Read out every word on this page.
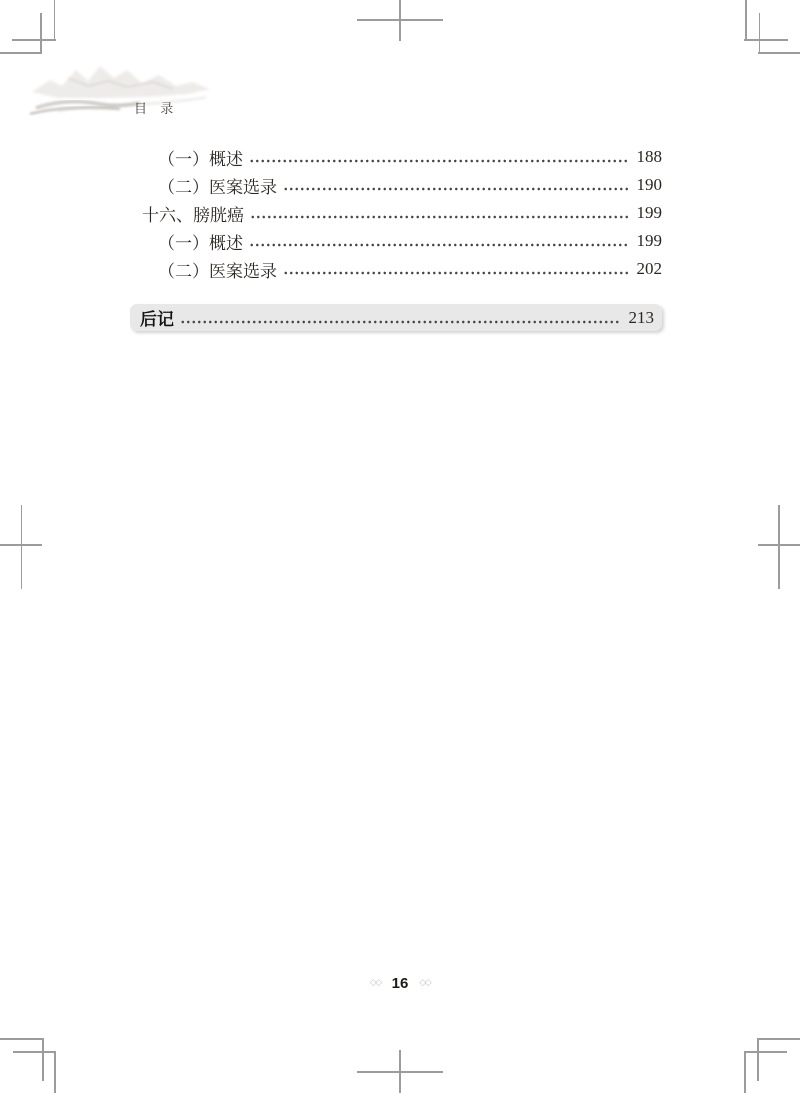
目 录
（一）概述	188
（二）医案选录	190
十六、膀胱癌	199
（一）概述	199
（二）医案选录	202
后记	213
◇◇ 16 ◇◇
